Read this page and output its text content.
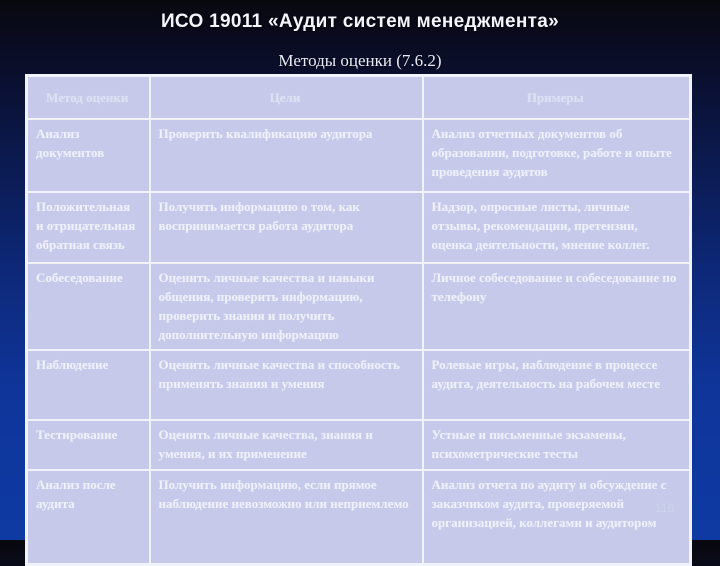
ИСО 19011 «Аудит систем менеджмента»
Методы оценки (7.6.2)
Метод оценки	Цели	Примеры
Анализ документов	Проверить квалификацию аудитора	Анализ отчетных документов об образовании, подготовке, работе и опыте проведения аудитов
Положительная и отрицательная обратная связь	Получить информацию о том, как воспринимается работа аудитора	Надзор, опросные листы, личные отзывы, рекомендации, претензии, оценка деятельности, мнение коллег.
Собеседование	Оценить личные качества и навыки общения, проверить информацию, проверить знания и получить дополнительную информацию	Личное собеседование и собеседование по телефону
Наблюдение	Оценить личные качества и способность применять знания и умения	Ролевые игры, наблюдение в процессе аудита, деятельность на рабочем месте
Тестирование	Оценить личные качества, знания и умения, и их применение	Устные и письменные экзамены, психометрические тесты
Анализ после аудита	Получить информацию, если прямое наблюдение невозможно или неприемлемо	Анализ отчета по аудиту и обсуждение с заказчиком аудита, проверяемой организацией, коллегами и аудитором
116
